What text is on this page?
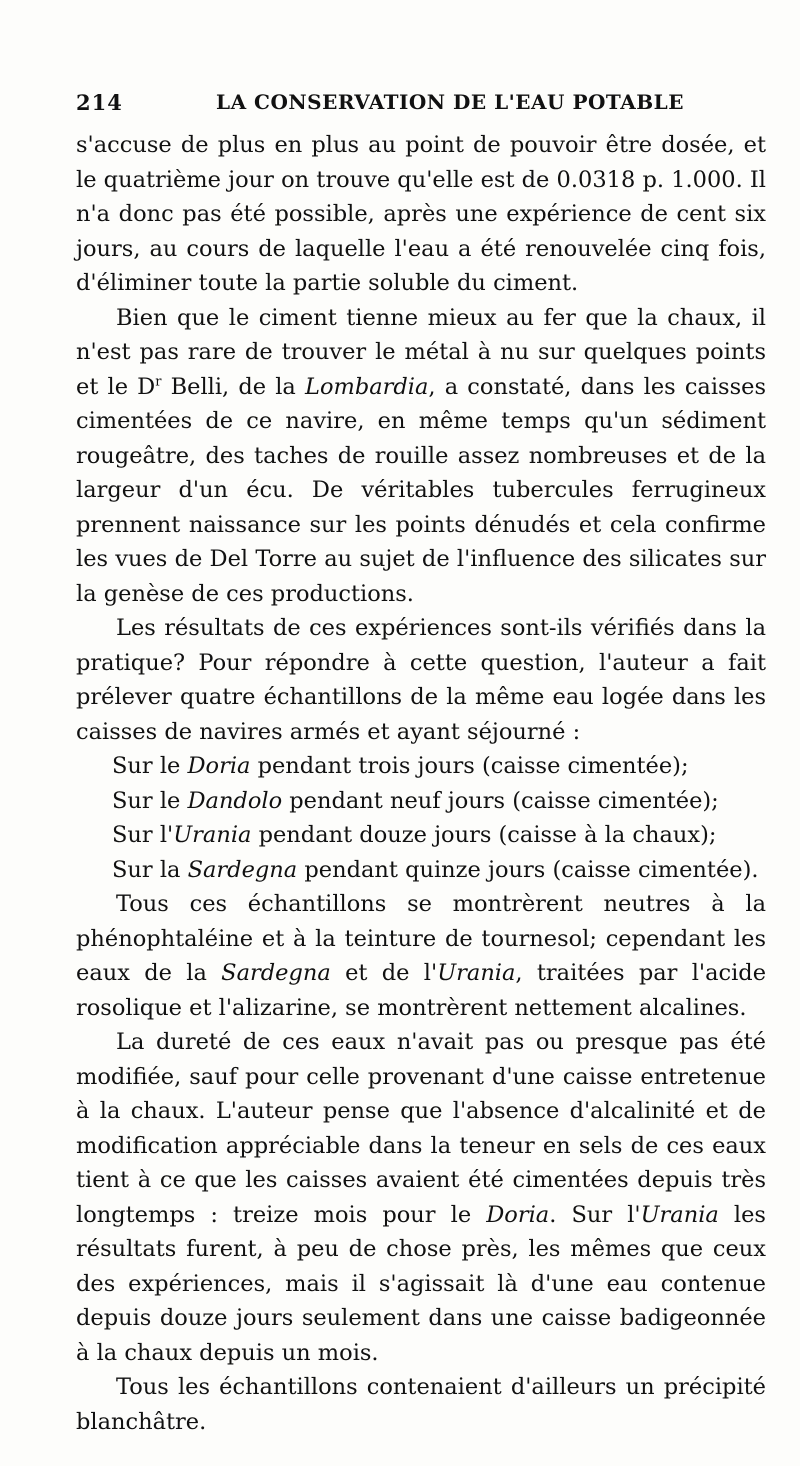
214	LA CONSERVATION DE L'EAU POTABLE

s'accuse de plus en plus au point de pouvoir être dosée, et le quatrième jour on trouve qu'elle est de 0.0318 p. 1.000. Il n'a donc pas été possible, après une expérience de cent six jours, au cours de laquelle l'eau a été renouvelée cinq fois, d'éliminer toute la partie soluble du ciment.

Bien que le ciment tienne mieux au fer que la chaux, il n'est pas rare de trouver le métal à nu sur quelques points et le $D^r$ Belli, de la Lombardia, a constaté, dans les caisses cimentées de ce navire, en même temps qu'un sédiment rougeâtre, des taches de rouille assez nombreuses et de la largeur d'un écu. De véritables tubercules ferrugineux prennent naissance sur les points dénudés et cela confirme les vues de Del Torre au sujet de l'influence des silicates sur la genèse de ces productions.

Les résultats de ces expériences sont-ils vérifiés dans la pratique? Pour répondre à cette question, l'auteur a fait prélever quatre échantillons de la même eau logée dans les caisses de navires armés et ayant séjourné :

Sur le Doria pendant trois jours (caisse cimentée);

Sur le Dandolo pendant neuf jours (caisse cimentée);

Sur l'Urania pendant douze jours (caisse à la chaux);

Sur la Sardegna pendant quinze jours (caisse cimentée).

Tous ces échantillons se montrèrent neutres à la phénophtaléine et à la teinture de tournesol; cependant les eaux de la Sardegna et de l'Urania, traitées par l'acide rosolique et l'alizarine, se montrèrent nettement alcalines.

La dureté de ces eaux n'avait pas ou presque pas été modifiée, sauf pour celle provenant d'une caisse entretenue à la chaux. L'auteur pense que l'absence d'alcalinité et de modification appréciable dans la teneur en sels de ces eaux tient à ce que les caisses avaient été cimentées depuis très longtemps : treize mois pour le Doria. Sur l'Urania les résultats furent, à peu de chose près, les mêmes que ceux des expériences, mais il s'agissait là d'une eau contenue depuis douze jours seulement dans une caisse badigeonnée à la chaux depuis un mois.

Tous les échantillons contenaient d'ailleurs un précipité blanchâtre.
